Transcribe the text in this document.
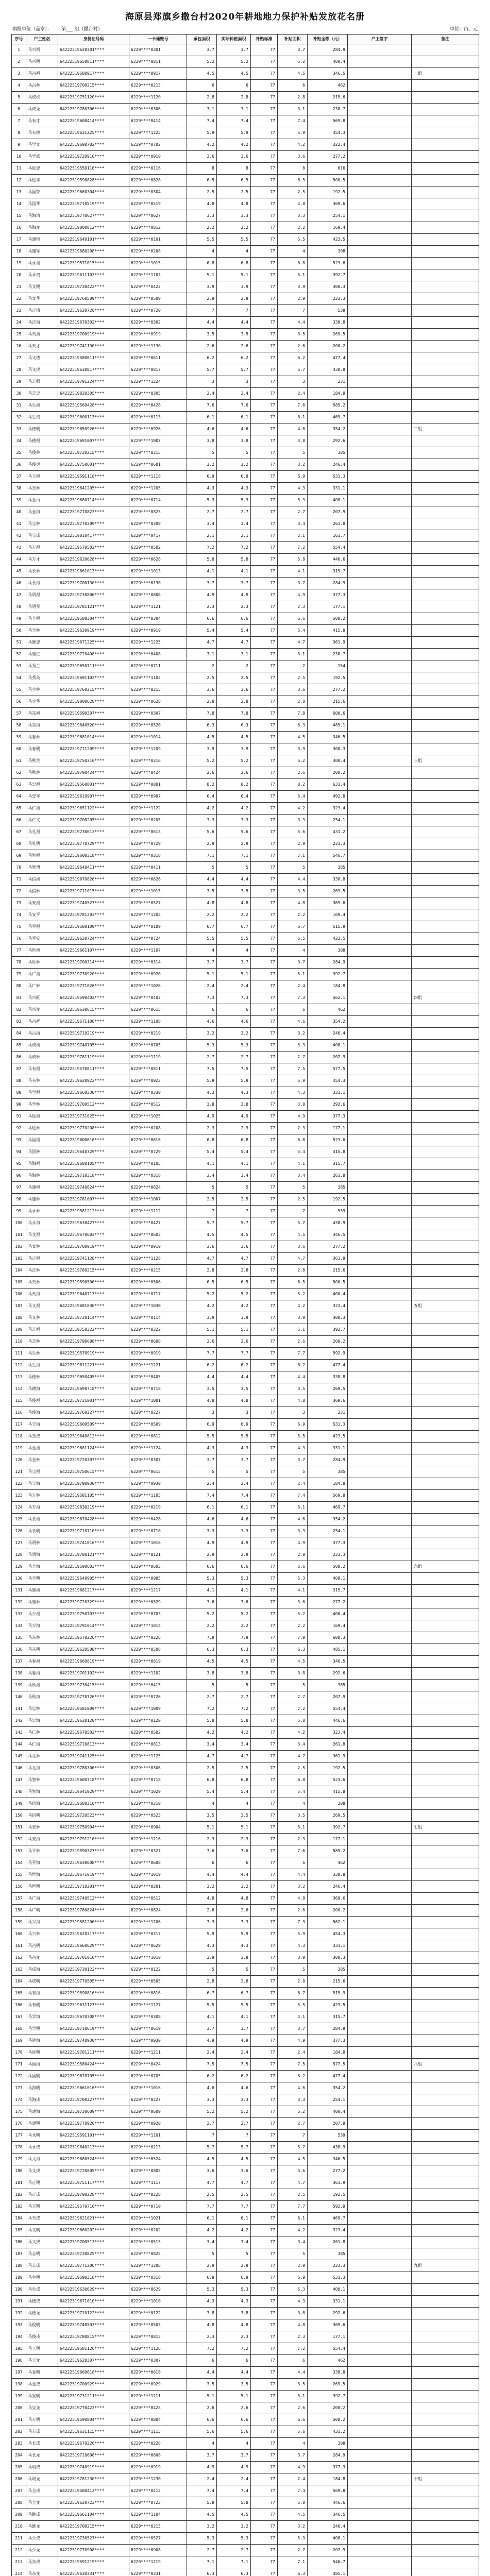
海原县郑旗乡撒台村2020年耕地地力保护补贴发放花名册
填报单位（盖章）： 第___ 组（撒台村）	单位：亩、元
序号	户主姓名	身份证号码	一卡通账号	承包面积	实际种植面积	补贴标准	补贴面积	补贴金额（元）	户主签字	备注
1	马兴福	64222519620301****	6229****0301	3.7	3.7	77	3.7	284.9		
2	马兴明	64222519650811****	6229****0811	5.2	5.2	77	5.2	400.4		
3	马占福	64222519580917****	6229****0917	4.5	4.5	77	4.5	346.5		一组
4	马占林	64222519700215****	6229****0215	6	6	77	6	462		
5	马成虎	64222519751120****	6229****1120	2.8	2.8	77	2.8	215.6		
6	马成龙	64222519780306****	6229****0306	3.1	3.1	77	3.1	238.7		
7	马有才	64222519600414****	6229****0414	7.4	7.4	77	7.4	569.8		
8	马有德	64222519631225****	6229****1225	5.9	5.9	77	5.9	454.3		
9	马学文	64222519690702****	6229****0702	4.2	4.2	77	4.2	323.4		
10	马学武	64222519720910****	6229****0910	3.6	3.6	77	3.6	277.2		
11	马进忠	64222519550116****	6229****0116	8	8	77	8	616		
12	马进孝	64222519590828****	6229****0828	6.5	6.5	77	6.5	500.5		
13	马国荣	64222519660304****	6229****0304	2.5	2.5	77	2.5	192.5		
14	马国华	64222519710519****	6229****0519	4.8	4.8	77	4.8	369.6		
15	马海清	64222519770627****	6229****0627	3.3	3.3	77	3.3	254.1		
16	马海龙	64222519800812****	6229****0812	2.2	2.2	77	2.2	169.4		
17	马建国	64222519640101****	6229****0101	5.5	5.5	77	5.5	423.5		
18	马建军	64222519680208****	6229****0208	4	4	77	4	308		
19	马永福	64222519571015****	6229****1015	6.8	6.8	77	6.8	523.6		
20	马永贵	64222519611103****	6229****1103	5.1	5.1	77	5.1	392.7		
21	马文明	64222519730422****	6229****0422	3.9	3.9	77	3.9	300.3		
22	马文华	64222519760509****	6229****0509	2.9	2.9	77	2.9	223.3		
23	马正清	64222519620720****	6229****0720	7	7	77	7	539		
24	马正海	64222519670302****	6229****0302	4.4	4.4	77	4.4	338.8		
25	马天福	64222519700919****	6229****0919	3.5	3.5	77	3.5	269.5		
26	马天才	64222519741130****	6229****1130	2.6	2.6	77	2.6	200.2		
27	马义德	64222519580611****	6229****0611	6.2	6.2	77	6.2	477.4		
28	马义虎	64222519630817****	6229****0817	5.7	5.7	77	5.7	438.9		
29	马志强	64222519791224****	6229****1224	3	3	77	3	231		
30	马志忠	64222519820305****	6229****0305	2.4	2.4	77	2.4	184.8		
31	马生福	64222519560428****	6229****0428	7.6	7.6	77	7.6	585.2		
32	马生贵	64222519600113****	6229****0113	6.1	6.1	77	6.1	469.7		
33	马德明	64222519650926****	6229****0926	4.6	4.6	77	4.6	354.2		二组
34	马德福	64222519691007****	6229****1007	3.8	3.8	77	3.8	292.6		
35	马俊林	64222519720215****	6229****0215	5	5	77	5	385		
36	马俊虎	64222519750601****	6229****0601	3.2	3.2	77	3.2	246.4		
37	马玉福	64222519591118****	6229****1118	6.9	6.9	77	6.9	531.3		
38	马玉林	64222519641205****	6229****1205	4.3	4.3	77	4.3	331.1		
39	马金山	64222519680714****	6229****0714	5.3	5.3	77	5.3	408.1		
40	马金海	64222519710823****	6229****0823	2.7	2.7	77	2.7	207.9		
41	马宝林	64222519770309****	6229****0309	3.4	3.4	77	3.4	261.8		
42	马宝成	64222519810417****	6229****0417	2.1	2.1	77	2.1	161.7		
43	马万福	64222519570502****	6229****0502	7.2	7.2	77	7.2	554.4		
44	马万才	64222519620628****	6229****0628	5.8	5.8	77	5.8	446.6		
45	马长林	64222519661013****	6229****1013	4.1	4.1	77	4.1	315.7		
46	马长海	64222519700130****	6229****0130	3.7	3.7	77	3.7	284.9		
47	马明福	64222519730806****	6229****0806	4.9	4.9	77	4.9	377.3		
48	马明军	64222519781121****	6229****1121	2.3	2.3	77	2.3	177.1		
49	马全福	64222519580304****	6229****0304	6.6	6.6	77	6.6	508.2		
50	马全林	64222519630919****	6229****0919	5.4	5.4	77	5.4	415.8		
51	马继忠	64222519671225****	6229****1225	4.7	4.7	77	4.7	361.9		
52	马继红	64222519720408****	6229****0408	3.1	3.1	77	3.1	238.7		
53	马秀兰	64222519650711****	6229****0711	2	2	77	2	154		
54	马秀英	64222519691102****	6229****1102	2.5	2.5	77	2.5	192.5		
55	马少林	64222519760215****	6229****0215	3.6	3.6	77	3.6	277.2		
56	马少华	64222519800628****	6229****0628	2.8	2.8	77	2.8	215.6		
57	马东福	64222519590307****	6229****0307	7.8	7.8	77	7.8	600.6		
58	马东海	64222519640520****	6229****0520	6.3	6.3	77	6.3	485.1		
59	马春林	64222519681014****	6229****1014	4.5	4.5	77	4.5	346.5		
60	马春明	64222519711209****	6229****1209	3.9	3.9	77	3.9	300.3		
61	马秋生	64222519750316****	6229****0316	5.2	5.2	77	5.2	400.4		三组
62	马秋林	64222519790424****	6229****0424	2.6	2.6	77	2.6	200.2		
63	马忠福	64222519560801****	6229****0801	8.2	8.2	77	8.2	631.4		
64	马忠孝	64222519610907****	6229****0907	6.4	6.4	77	6.4	492.8		
65	马仁福	64222519651122****	6229****1122	4.2	4.2	77	4.2	323.4		
66	马仁义	64222519700205****	6229****0205	3.3	3.3	77	3.3	254.1		
67	马礼福	64222519730613****	6229****0613	5.6	5.6	77	5.6	431.2		
68	马礼明	64222519770729****	6229****0729	2.9	2.9	77	2.9	223.3		
69	马智福	64222519600318****	6229****0318	7.1	7.1	77	7.1	546.7		
70	马智勇	64222519640411****	6229****0411	5	5	77	5	385		
71	马信福	64222519670826****	6229****0826	4.4	4.4	77	4.4	338.8		
72	马信林	64222519711015****	6229****1015	3.5	3.5	77	3.5	269.5		
73	马安福	64222519740527****	6229****0527	4.8	4.8	77	4.8	369.6		
74	马安平	64222519781203****	6229****1203	2.2	2.2	77	2.2	169.4		
75	马平福	64222519580109****	6229****0109	6.7	6.7	77	6.7	515.9		
76	马平安	64222519620724****	6229****0724	5.5	5.5	77	5.5	423.5		
77	马世福	64222519661107****	6229****1107	4	4	77	4	308		
78	马世林	64222519700314****	6229****0314	3.7	3.7	77	3.7	284.9		
79	马广福	64222519730920****	6229****0920	5.1	5.1	77	5.1	392.7		
80	马广林	64222519771026****	6229****1026	2.4	2.4	77	2.4	184.8		
81	马兴旺	64222519590402****	6229****0402	7.3	7.3	77	7.3	562.1		四组
82	马兴龙	64222519630615****	6229****0615	6	6	77	6	462		
83	马占祥	64222519671108****	6229****1108	4.6	4.6	77	4.6	354.2		
84	马占海	64222519710219****	6229****0219	3.2	3.2	77	3.2	246.4		
85	马成福	64222519740705****	6229****0705	5.3	5.3	77	5.3	408.1		
86	马成林	64222519781119****	6229****1119	2.7	2.7	77	2.7	207.9		
87	马有福	64222519570811****	6229****0811	7.5	7.5	77	7.5	577.5		
88	马有林	64222519620923****	6229****0923	5.9	5.9	77	5.9	454.3		
89	马学福	64222519660330****	6229****0330	4.3	4.3	77	4.3	331.1		
90	马学林	64222519700512****	6229****0512	3.8	3.8	77	3.8	292.6		
91	马进福	64222519731025****	6229****1025	4.9	4.9	77	4.9	377.3		
92	马进林	64222519770208****	6229****0208	2.3	2.3	77	2.3	177.1		
93	马国福	64222519600616****	6229****0616	6.8	6.8	77	6.8	523.6		
94	马国林	64222519640729****	6229****0729	5.4	5.4	77	5.4	415.8		
95	马海福	64222519680105****	6229****0105	4.1	4.1	77	4.1	315.7		
96	马海林	64222519710318****	6229****0318	3.4	3.4	77	3.4	261.8		
97	马建福	64222519740824****	6229****0824	5	5	77	5	385		
98	马建林	64222519781007****	6229****1007	2.5	2.5	77	2.5	192.5		
99	马永林	64222519581212****	6229****1212	7	7	77	7	539		
100	马永海	64222519630427****	6229****0427	5.7	5.7	77	5.7	438.9		
101	马文福	64222519670603****	6229****0603	4.5	4.5	77	4.5	346.5		
102	马文林	64222519700919****	6229****0919	3.6	3.6	77	3.6	277.2		
103	马正福	64222519741128****	6229****1128	4.7	4.7	77	4.7	361.9		
104	马正林	64222519780215****	6229****0215	2.8	2.8	77	2.8	215.6		
105	马天林	64222519590506****	6229****0506	6.5	6.5	77	6.5	500.5		
106	马天海	64222519640717****	6229****0717	5.2	5.2	77	5.2	400.4		
107	马义福	64222519681030****	6229****1030	4.2	4.2	77	4.2	323.4		五组
108	马义林	64222519720114****	6229****0114	3.9	3.9	77	3.9	300.3		
109	马志福	64222519750322****	6229****0322	5.1	5.1	77	5.1	392.7		
110	马志林	64222519790608****	6229****0608	2.6	2.6	77	2.6	200.2		
111	马生林	64222519570919****	6229****0919	7.7	7.7	77	7.7	592.9		
112	马生海	64222519611221****	6229****1221	6.2	6.2	77	6.2	477.4		
113	马德林	64222519650405****	6229****0405	4.4	4.4	77	4.4	338.8		
114	马德海	64222519690718****	6229****0718	3.5	3.5	77	3.5	269.5		
115	马俊福	64222519721001****	6229****1001	4.8	4.8	77	4.8	369.6		
116	马俊海	64222519760227****	6229****0227	3	3	77	3	231		
117	马玉海	64222519600509****	6229****0509	6.9	6.9	77	6.9	531.3		
118	马玉成	64222519640812****	6229****0812	5.5	5.5	77	5.5	423.5		
119	马金福	64222519681124****	6229****1124	4.3	4.3	77	4.3	331.1		
120	马金林	64222519720307****	6229****0307	3.7	3.7	77	3.7	284.9		
121	马宝福	64222519750615****	6229****0615	5	5	77	5	385		
122	马宝海	64222519790930****	6229****0930	2.4	2.4	77	2.4	184.8		
123	马万林	64222519581105****	6229****1105	7.4	7.4	77	7.4	569.8		
124	马万海	64222519630219****	6229****0219	6.1	6.1	77	6.1	469.7		
125	马长福	64222519670428****	6229****0428	4.6	4.6	77	4.6	354.2		
126	马长明	64222519710710****	6229****0710	3.3	3.3	77	3.3	254.1		
127	马明林	64222519741016****	6229****1016	4.9	4.9	77	4.9	377.3		
128	马明海	64222519780121****	6229****0121	2.9	2.9	77	2.9	223.3		
129	马全海	64222519590603****	6229****0603	6.6	6.6	77	6.6	508.2		六组
130	马全明	64222519640905****	6229****0905	5.3	5.3	77	5.3	408.1		
131	马继福	64222519681217****	6229****1217	4.1	4.1	77	4.1	315.7		
132	马继林	64222519720329****	6229****0329	3.6	3.6	77	3.6	277.2		
133	马少福	64222519750703****	6229****0703	5.2	5.2	77	5.2	400.4		
134	马少海	64222519791014****	6229****1014	2.2	2.2	77	2.2	169.4		
135	马东林	64222519570226****	6229****0226	7.9	7.9	77	7.9	608.3		
136	马东明	64222519620508****	6229****0508	6.3	6.3	77	6.3	485.1		
137	马春福	64222519660819****	6229****0819	4.5	4.5	77	4.5	346.5		
138	马春海	64222519701102****	6229****1102	3.8	3.8	77	3.8	292.6		
139	马秋福	64222519730415****	6229****0415	5	5	77	5	385		
140	马秋海	64222519770726****	6229****0726	2.7	2.7	77	2.7	207.9		
141	马忠林	64222519581009****	6229****1009	7.2	7.2	77	7.2	554.4		
142	马忠海	64222519630120****	6229****0120	5.8	5.8	77	5.8	446.6		
143	马仁林	64222519670502****	6229****0502	4.2	4.2	77	4.2	323.4		
144	马仁海	64222519710813****	6229****0813	3.4	3.4	77	3.4	261.8		
145	马礼林	64222519741125****	6229****1125	4.7	4.7	77	4.7	361.9		
146	马礼海	64222519780306****	6229****0306	2.5	2.5	77	2.5	192.5		
147	马智林	64222519600718****	6229****0718	6.8	6.8	77	6.8	523.6		
148	马智海	64222519641029****	6229****1029	5.4	5.4	77	5.4	415.8		
149	马信海	64222519680210****	6229****0210	4	4	77	4	308		
150	马信明	64222519720523****	6229****0523	3.5	3.5	77	3.5	269.5		
151	马安林	64222519750904****	6229****0904	5.1	5.1	77	5.1	392.7		七组
152	马安海	64222519791216****	6229****1216	2.3	2.3	77	2.3	177.1		
153	马平林	64222519590327****	6229****0327	7.6	7.6	77	7.6	585.2		
154	马平海	64222519630608****	6229****0608	6	6	77	6	462		
155	马世海	64222519671019****	6229****1019	4.4	4.4	77	4.4	338.8		
156	马世明	64222519710201****	6229****0201	3.2	3.2	77	3.2	246.4		
157	马广海	64222519740512****	6229****0512	4.8	4.8	77	4.8	369.6		
158	马广明	64222519780824****	6229****0824	2.6	2.6	77	2.6	200.2		
159	马兴海	64222519581206****	6229****1206	7.3	7.3	77	7.3	562.1		
160	马兴林	64222519620317****	6229****0317	5.9	5.9	77	5.9	454.3		
161	马占明	64222519660629****	6229****0629	4.3	4.3	77	4.3	331.1		
162	马占龙	64222519701010****	6229****1010	3.9	3.9	77	3.9	300.3		
163	马成海	64222519730122****	6229****0122	5	5	77	5	385		
164	马成明	64222519770505****	6229****0505	2.8	2.8	77	2.8	215.6		
165	马有海	64222519590816****	6229****0816	6.7	6.7	77	6.7	515.9		
166	马有明	64222519631127****	6229****1127	5.5	5.5	77	5.5	423.5		
167	马学海	64222519670308****	6229****0308	4.1	4.1	77	4.1	315.7		
168	马学明	64222519710619****	6229****0619	3.7	3.7	77	3.7	284.9		
169	马进海	64222519740930****	6229****0930	4.9	4.9	77	4.9	377.3		
170	马进明	64222519781211****	6229****1211	2.4	2.4	77	2.4	184.8		
171	马国海	64222519580424****	6229****0424	7.5	7.5	77	7.5	577.5		八组
172	马国明	64222519620705****	6229****0705	6.2	6.2	77	6.2	477.4		
173	马海明	64222519661016****	6229****1016	4.6	4.6	77	4.6	354.2		
174	马海成	64222519700227****	6229****0227	3.3	3.3	77	3.3	254.1		
175	马建海	64222519730609****	6229****0609	5.2	5.2	77	5.2	400.4		
176	马建明	64222519770920****	6229****0920	2.7	2.7	77	2.7	207.9		
177	马永明	64222519591101****	6229****1101	7	7	77	7	539		
178	马永成	64222519640213****	6229****0213	5.7	5.7	77	5.7	438.9		
179	马文海	64222519680524****	6229****0524	4.5	4.5	77	4.5	346.5		
180	马文成	64222519720805****	6229****0805	3.6	3.6	77	3.6	277.2		
181	马正明	64222519751117****	6229****1117	4.7	4.7	77	4.7	361.9		
182	马正成	64222519790228****	6229****0228	2.5	2.5	77	2.5	192.5		
183	马天明	64222519570710****	6229****0710	7.7	7.7	77	7.7	592.9		
184	马天成	64222519621021****	6229****1021	6.1	6.1	77	6.1	469.7		
185	马义明	64222519660202****	6229****0202	4.2	4.2	77	4.2	323.4		
186	马义成	64222519700513****	6229****0513	3.4	3.4	77	3.4	261.8		
187	马志明	64222519730825****	6229****0825	5	5	77	5	385		
188	马志成	64222519771206****	6229****1206	2.9	2.9	77	2.9	223.3		九组
189	马生明	64222519590318****	6229****0318	6.9	6.9	77	6.9	531.3		
190	马生成	64222519630629****	6229****0629	5.3	5.3	77	5.3	408.1		
191	马德成	64222519671010****	6229****1010	4.3	4.3	77	4.3	331.1		
192	马德龙	64222519710122****	6229****0122	3.8	3.8	77	3.8	292.6		
193	马俊明	64222519740503****	6229****0503	4.8	4.8	77	4.8	369.6		
194	马俊成	64222519780815****	6229****0815	2.3	2.3	77	2.3	177.1		
195	马玉明	64222519581126****	6229****1126	7.2	7.2	77	7.2	554.4		
196	马玉龙	64222519620307****	6229****0307	6	6	77	6	462		
197	马金明	64222519660618****	6229****0618	4.4	4.4	77	4.4	338.8		
198	马金成	64222519700929****	6229****0929	3.5	3.5	77	3.5	269.5		
199	马宝明	64222519731211****	6229****1211	5.1	5.1	77	5.1	392.7		
200	马宝龙	64222519770423****	6229****0423	2.6	2.6	77	2.6	200.2		
201	马万明	64222519590804****	6229****0804	6.6	6.6	77	6.6	508.2		
202	马万成	64222519631115****	6229****1115	5.6	5.6	77	5.6	431.2		
203	马长成	64222519670226****	6229****0226	4	4	77	4	308		
204	马长龙	64222519710608****	6229****0608	3.7	3.7	77	3.7	284.9		
205	马明成	64222519740919****	6229****0919	4.9	4.9	77	4.9	377.3		
206	马明龙	64222519781230****	6229****1230	2.4	2.4	77	2.4	184.8		十组
207	马全成	64222519580412****	6229****0412	7.4	7.4	77	7.4	569.8		
208	马全龙	64222519620723****	6229****0723	5.8	5.8	77	5.8	446.6		
209	马继成	64222519661104****	6229****1104	4.5	4.5	77	4.5	346.5		
210	马继龙	64222519700215****	6229****0215	3.2	3.2	77	3.2	246.4		
211	马少成	64222519730527****	6229****0527	5.3	5.3	77	5.3	408.1		
212	马少龙	64222519770908****	6229****0908	2.7	2.7	77	2.7	207.9		
213	马东成	64222519591219****	6229****1219	7.1	7.1	77	7.1	546.7		
214	马东龙	64222519630331****	6229****0331	6.3	6.3	77	6.3	485.1		
